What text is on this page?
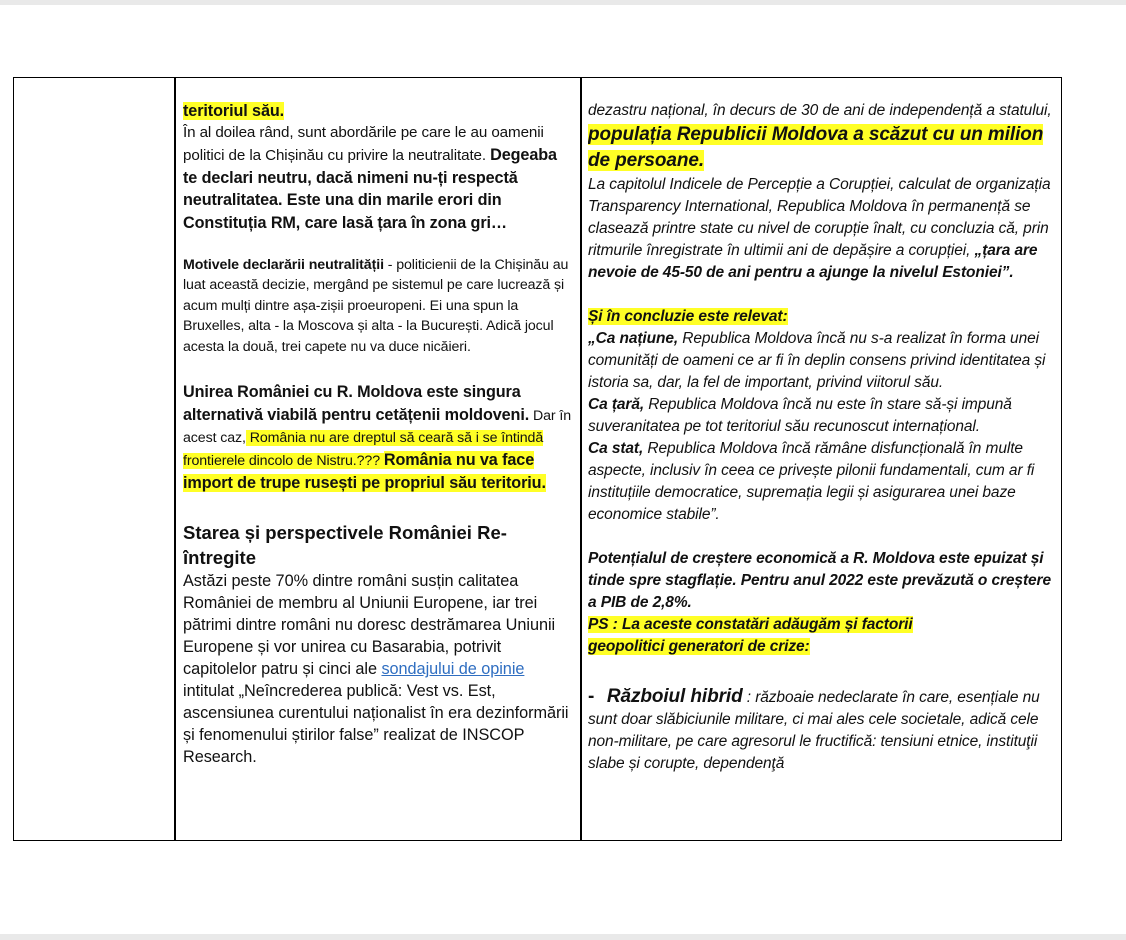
teritoriul său.

În al doilea rând, sunt abordările pe care le au oamenii politici de la Chișinău cu privire la neutralitate. Degeaba te declari neutru, dacă nimeni nu-ți respectă neutralitatea. Este una din marile erori din Constituția RM, care lasă țara în zona gri…

Motivele declarării neutralității - politicienii de la Chișinău au luat această decizie, mergând pe sistemul pe care lucrează și acum mulți dintre așa-zișii proeuropeni. Ei una spun la Bruxelles, alta - la Moscova și alta - la București. Adică jocul acesta la două, trei capete nu va duce nicăieri.

Unirea României cu R. Moldova este singura alternativă viabilă pentru cetățenii moldoveni. Dar în acest caz, România nu are dreptul să ceară să i se întindă frontierele dincolo de Nistru.??? România nu va face import de trupe rusești pe propriul său teritoriu.

Starea și perspectivele României Re-întregite

Astăzi peste 70% dintre români susțin calitatea României de membru al Uniunii Europene, iar trei pătrimi dintre români nu doresc destrămarea Uniunii Europene și vor unirea cu Basarabia, potrivit capitolelor patru și cinci ale sondajului de opinie intitulat „Neîncrederea publică: Vest vs. Est, ascensiunea curentului naționalist în era dezinformării și fenomenului știrilor false” realizat de INSCOP Research.

dezastru național, în decurs de 30 de ani de independență a statului, populația Republicii Moldova a scăzut cu un milion de persoane.

La capitolul Indicele de Percepție a Corupției, calculat de organizația Transparency International, Republica Moldova în permanență se clasează printre state cu nivel de corupție înalt, cu concluzia că, prin ritmurile înregistrate în ultimii ani de depășire a corupției, „țara are nevoie de 45-50 de ani pentru a ajunge la nivelul Estoniei”.

Și în concluzie este relevat:

„Ca națiune, Republica Moldova încă nu s-a realizat în forma unei comunități de oameni ce ar fi în deplin consens privind identitatea și istoria sa, dar, la fel de important, privind viitorul său.

Ca țară, Republica Moldova încă nu este în stare să-și impună suveranitatea pe tot teritoriul său recunoscut internațional.

Ca stat, Republica Moldova încă rămâne disfuncțională în multe aspecte, inclusiv în ceea ce privește pilonii fundamentali, cum ar fi instituțiile democratice, supremația legii și asigurarea unei baze economice stabile”.

Potențialul de creștere economică a R. Moldova este epuizat și tinde spre stagflație. Pentru anul 2022 este prevăzută o creștere a PIB de 2,8%.

PS : La aceste constatări adăugăm și factorii geopolitici generatori de crize:

- Războiul hibrid : războaie nedeclarate în care, esențiale nu sunt doar slăbiciunile militare, ci mai ales cele societale, adică cele non-militare, pe care agresorul le fructifică: tensiuni etnice, instituţii slabe și corupte, dependenţă
